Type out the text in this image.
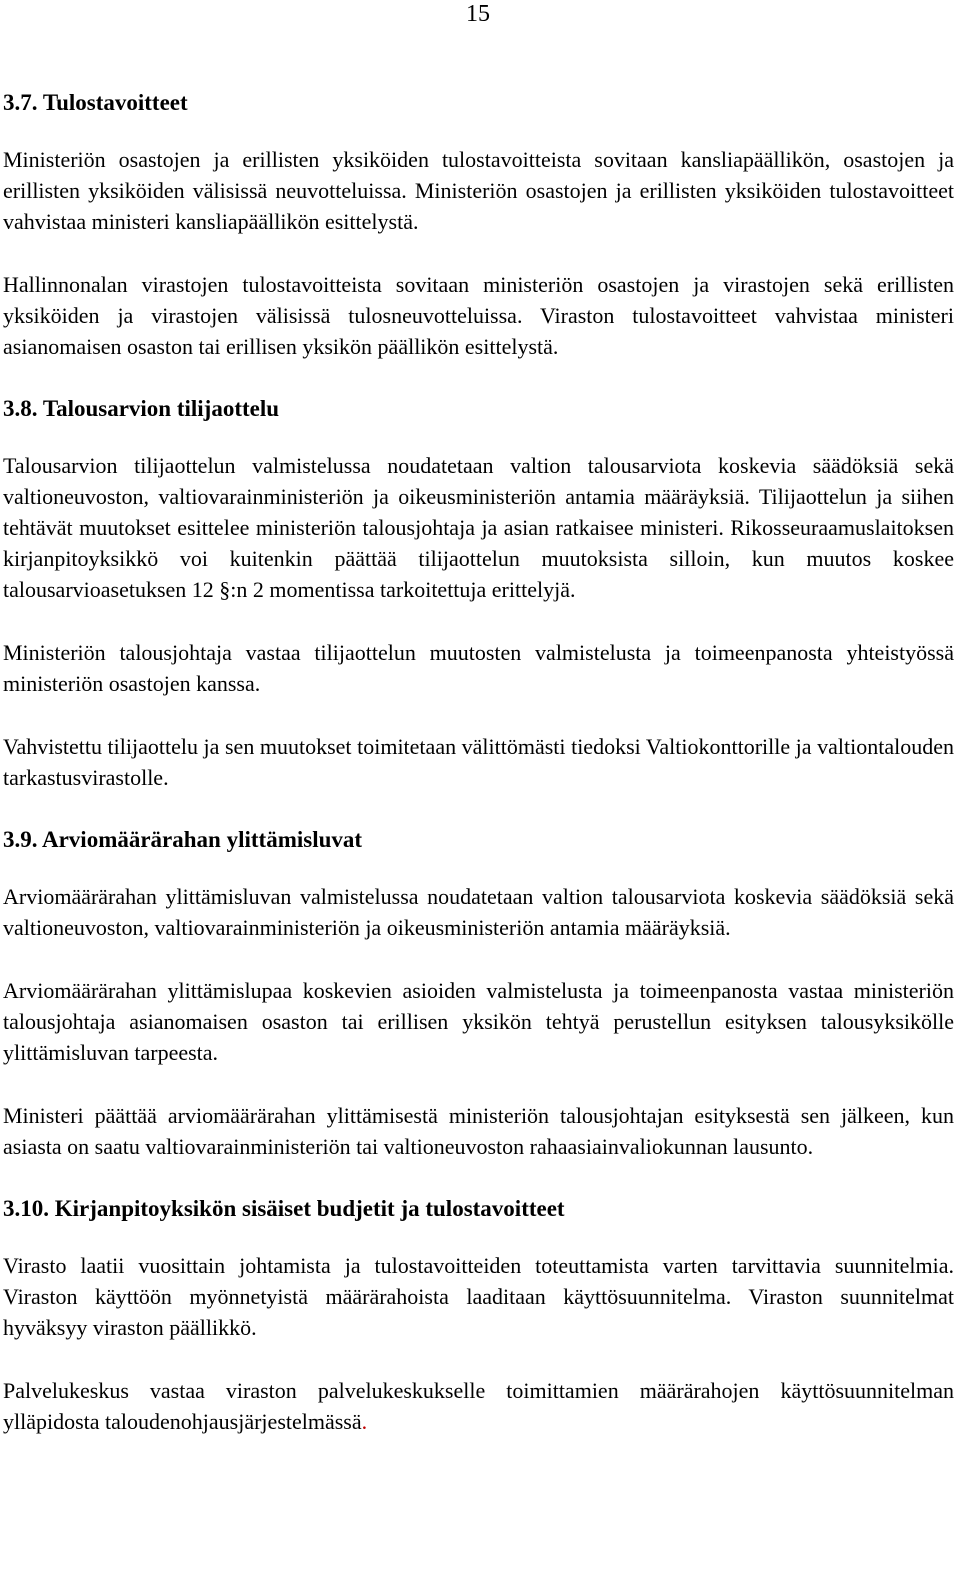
15
3.7. Tulostavoitteet

Ministeriön osastojen ja erillisten yksiköiden tulostavoitteista sovitaan kansliapäällikön, osastojen ja erillisten yksiköiden välisissä neuvotteluissa. Ministeriön osastojen ja erillisten yksiköiden tulostavoitteet vahvistaa ministeri kansliapäällikön esittelystä.

Hallinnonalan virastojen tulostavoitteista sovitaan ministeriön osastojen ja virastojen sekä erillisten yksiköiden ja virastojen välisissä tulosneuvotteluissa. Viraston tulostavoitteet vahvistaa ministeri asianomaisen osaston tai erillisen yksikön päällikön esittelystä.

3.8. Talousarvion tilijaottelu

Talousarvion tilijaottelun valmistelussa noudatetaan valtion talousarviota koskevia säädöksiä sekä valtioneuvoston, valtiovarainministeriön ja oikeusministeriön antamia määräyksiä. Tilijaottelun ja siihen tehtävät muutokset esittelee ministeriön talousjohtaja ja asian ratkaisee ministeri. Rikosseuraamuslaitoksen kirjanpitoyksikkö voi kuitenkin päättää tilijaottelun muutoksista silloin, kun muutos koskee talousarvioasetuksen 12 §:n 2 momentissa tarkoitettuja erittelyjä.

Ministeriön talousjohtaja vastaa tilijaottelun muutosten valmistelusta ja toimeenpanosta yhteistyössä ministeriön osastojen kanssa.

Vahvistettu tilijaottelu ja sen muutokset toimitetaan välittömästi tiedoksi Valtiokonttorille ja valtiontalouden tarkastusvirastolle.

3.9. Arviomäärärahan ylittämisluvat

Arviomäärärahan ylittämisluvan valmistelussa noudatetaan valtion talousarviota koskevia säädöksiä sekä valtioneuvoston, valtiovarainministeriön ja oikeusministeriön antamia määräyksiä.

Arviomäärärahan ylittämislupaa koskevien asioiden valmistelusta ja toimeenpanosta vastaa ministeriön talousjohtaja asianomaisen osaston tai erillisen yksikön tehtyä perustellun esityksen talousyksikölle ylittämisluvan tarpeesta.

Ministeri päättää arviomäärärahan ylittämisestä ministeriön talousjohtajan esityksestä sen jälkeen, kun asiasta on saatu valtiovarainministeriön tai valtioneuvoston rahaasiainvaliokunnan lausunto.

3.10. Kirjanpitoyksikön sisäiset budjetit ja tulostavoitteet

Virasto laatii vuosittain johtamista ja tulostavoitteiden toteuttamista varten tarvittavia suunnitelmia. Viraston käyttöön myönnetyistä määrärahoista laaditaan käyttösuunnitelma. Viraston suunnitelmat hyväksyy viraston päällikkö.

Palvelukeskus vastaa viraston palvelukeskukselle toimittamien määrärahojen käyttösuunnitelman ylläpidosta taloudenohjausjärjestelmässä.
